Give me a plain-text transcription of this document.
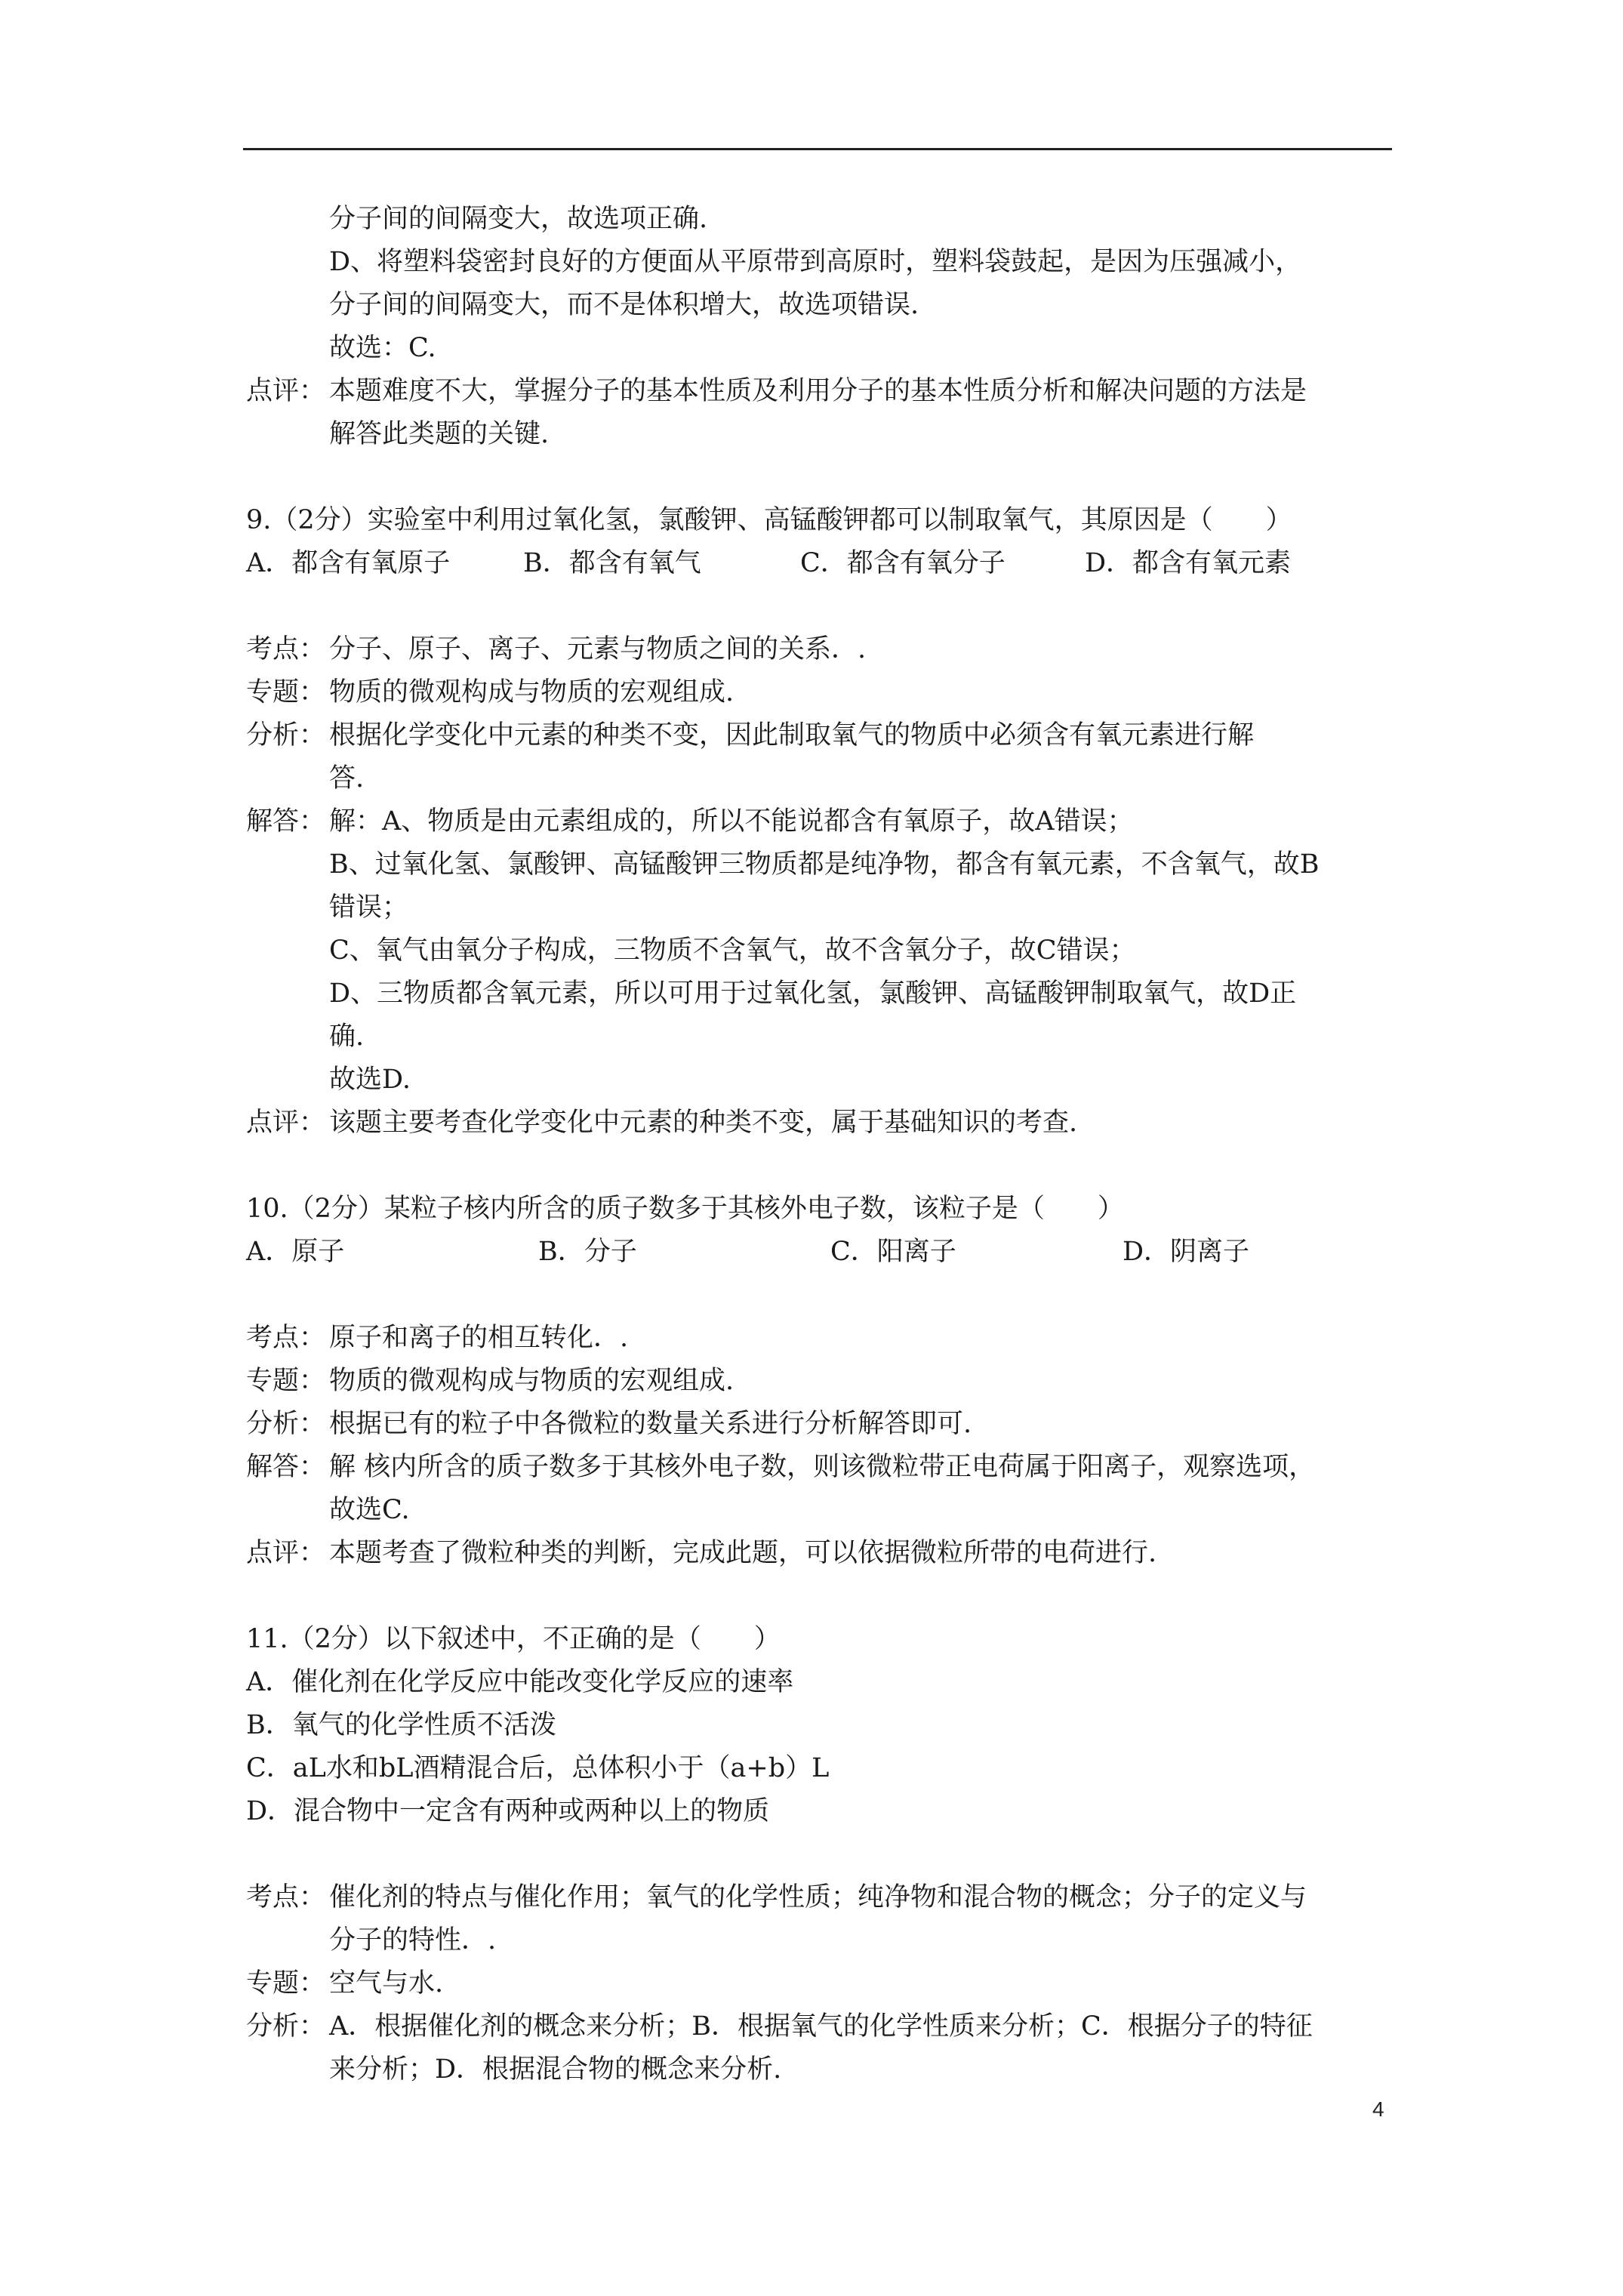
分子间的间隔变大，故选项正确.
D、将塑料袋密封良好的方便面从平原带到高原时，塑料袋鼓起，是因为压强减小，
分子间的间隔变大，而不是体积增大，故选项错误.
故选：C.
点评： 本题难度不大，掌握分子的基本性质及利用分子的基本性质分析和解决问题的方法是
解答此类题的关键.
9.（2分）实验室中利用过氧化氢，氯酸钾、高锰酸钾都可以制取氧气，其原因是（　　）
A．都含有氧原子	B．都含有氧气	C．都含有氧分子	D．都含有氧元素
考点： 分子、原子、离子、元素与物质之间的关系．.
专题： 物质的微观构成与物质的宏观组成.
分析： 根据化学变化中元素的种类不变，因此制取氧气的物质中必须含有氧元素进行解
答.
解答： 解：A、物质是由元素组成的，所以不能说都含有氧原子，故A错误；
B、过氧化氢、氯酸钾、高锰酸钾三物质都是纯净物，都含有氧元素，不含氧气，故B
错误；
C、氧气由氧分子构成，三物质不含氧气，故不含氧分子，故C错误；
D、三物质都含氧元素，所以可用于过氧化氢，氯酸钾、高锰酸钾制取氧气，故D正
确.
故选D.
点评： 该题主要考查化学变化中元素的种类不变，属于基础知识的考查.
10.（2分）某粒子核内所含的质子数多于其核外电子数，该粒子是（　　）
A．原子	B．分子	C．阳离子	D．阴离子
考点： 原子和离子的相互转化．.
专题： 物质的微观构成与物质的宏观组成.
分析： 根据已有的粒子中各微粒的数量关系进行分析解答即可.
解答： 解 核内所含的质子数多于其核外电子数，则该微粒带正电荷属于阳离子，观察选项，
故选C.
点评： 本题考查了微粒种类的判断，完成此题，可以依据微粒所带的电荷进行.
11.（2分）以下叙述中，不正确的是（　　）
A．催化剂在化学反应中能改变化学反应的速率
B．氧气的化学性质不活泼
C．aL水和bL酒精混合后，总体积小于（a+b）L
D．混合物中一定含有两种或两种以上的物质
考点： 催化剂的特点与催化作用；氧气的化学性质；纯净物和混合物的概念；分子的定义与
分子的特性．.
专题： 空气与水.
分析： A．根据催化剂的概念来分析；B．根据氧气的化学性质来分析；C．根据分子的特征
来分析；D．根据混合物的概念来分析.
4
